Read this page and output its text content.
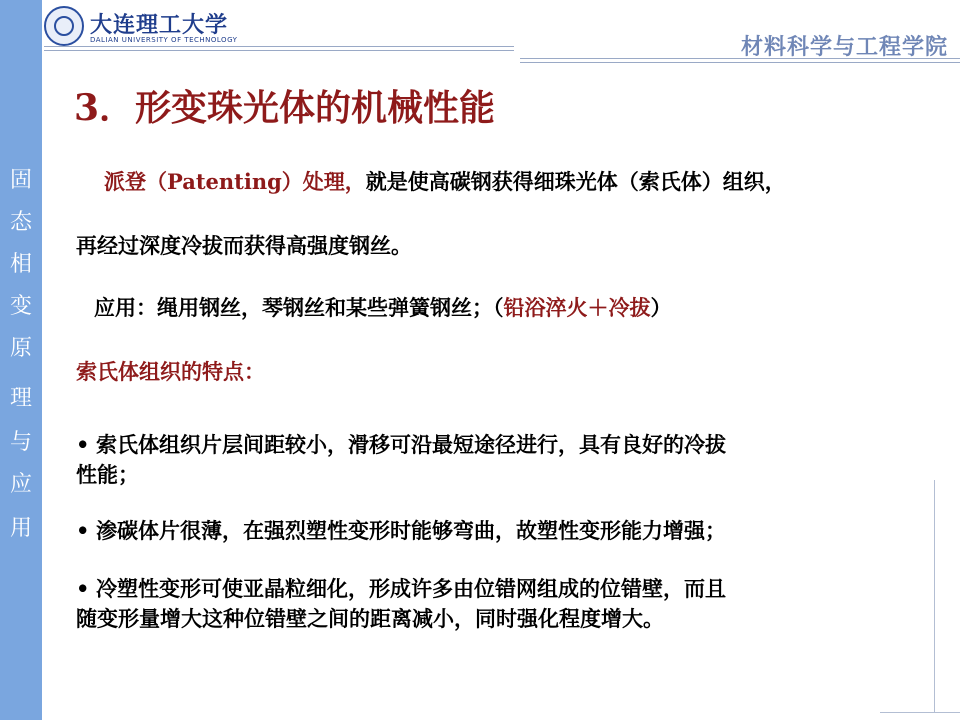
固
态
相
变
原
理
与
应
用
大连理工大学
DALIAN UNIVERSITY OF TECHNOLOGY	材料科学与工程学院
3．形变珠光体的机械性能
派登（Patenting）处理，就是使高碳钢获得细珠光体（索氏体）组织，
再经过深度冷拔而获得高强度钢丝。
应用：绳用钢丝，琴钢丝和某些弹簧钢丝；（铅浴淬火＋冷拔）
索氏体组织的特点：
• 索氏体组织片层间距较小，滑移可沿最短途径进行，具有良好的冷拔
性能；
• 渗碳体片很薄，在强烈塑性变形时能够弯曲，故塑性变形能力增强；
• 冷塑性变形可使亚晶粒细化，形成许多由位错网组成的位错壁，而且
随变形量增大这种位错壁之间的距离减小，同时强化程度增大。
